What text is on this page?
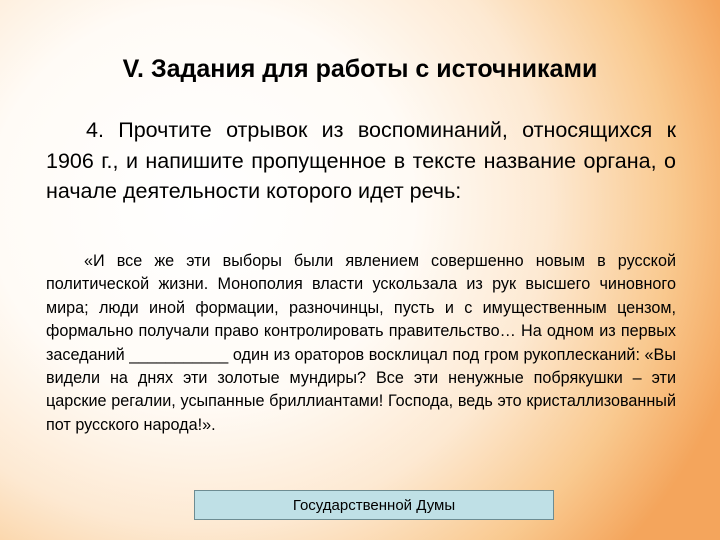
V. Задания для работы с источниками

4. Прочтите отрывок из воспоминаний, относящихся к 1906 г., и напишите пропущенное в тексте название органа, о начале деятельности которого идет речь:

«И все же эти выборы были явлением совершенно новым в русской политической жизни. Монополия власти ускользала из рук высшего чиновного мира; люди иной формации, разночинцы, пусть и с имущественным цензом, формально получали право контролировать правительство… На одном из первых заседаний ___________ один из ораторов восклицал под гром рукоплесканий: «Вы видели на днях эти золотые мундиры? Все эти ненужные побрякушки – эти царские регалии, усыпанные бриллиантами! Господа, ведь это кристаллизованный пот русского народа!».

Государственной Думы
